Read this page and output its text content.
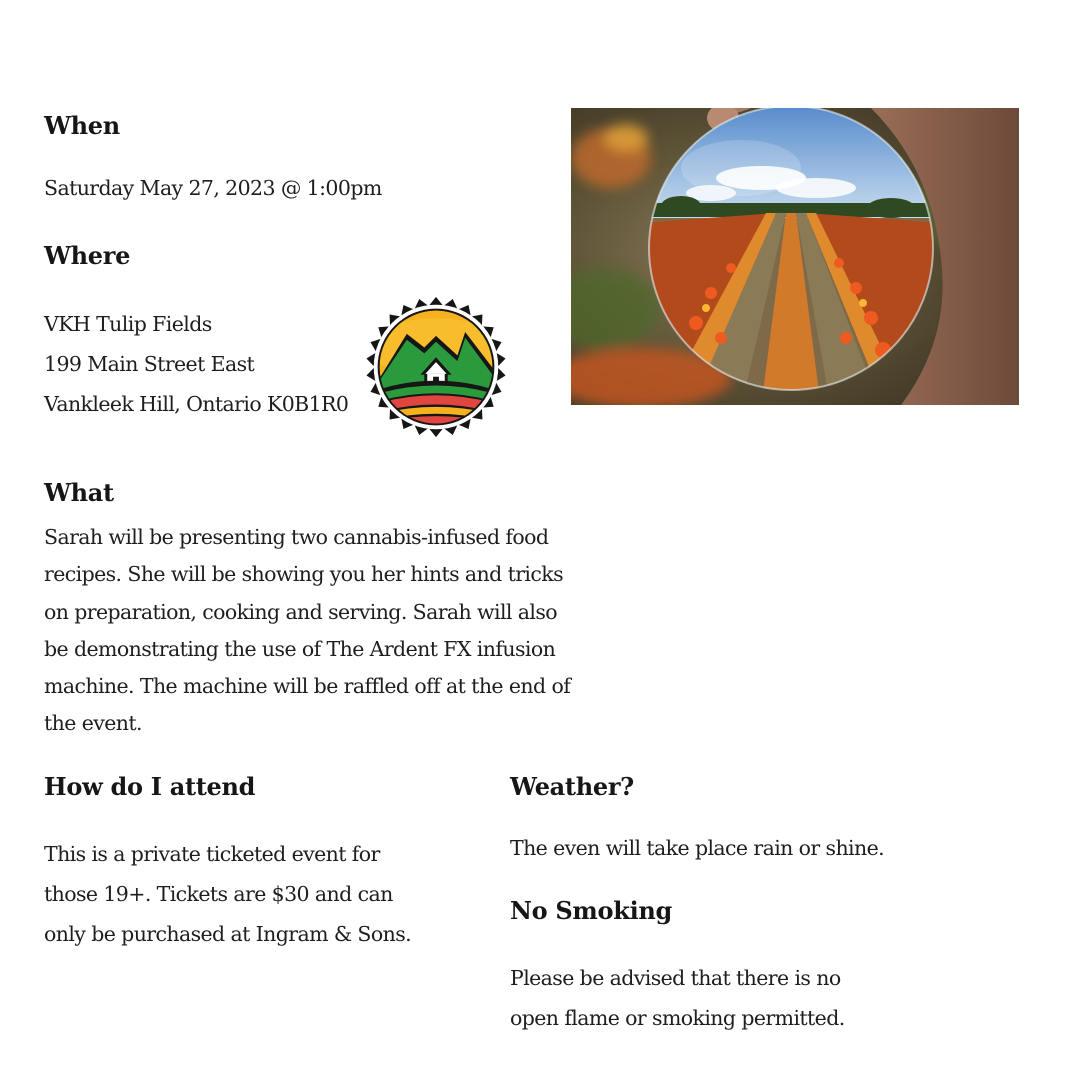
When

Saturday May 27, 2023 @ 1:00pm

Where

VKH Tulip Fields

199 Main Street East

Vankleek Hill, Ontario K0B1R0

What

Sarah will be presenting two cannabis-infused food

recipes. She will be showing you her hints and tricks

on preparation, cooking and serving. Sarah will also

be demonstrating the use of The Ardent FX infusion

machine. The machine will be raffled off at the end of

the event.

How do I attend

This is a private ticketed event for

those 19+. Tickets are $30 and can

only be purchased at Ingram & Sons.

Weather?

The even will take place rain or shine.

No Smoking

Please be advised that there is no

open flame or smoking permitted.
